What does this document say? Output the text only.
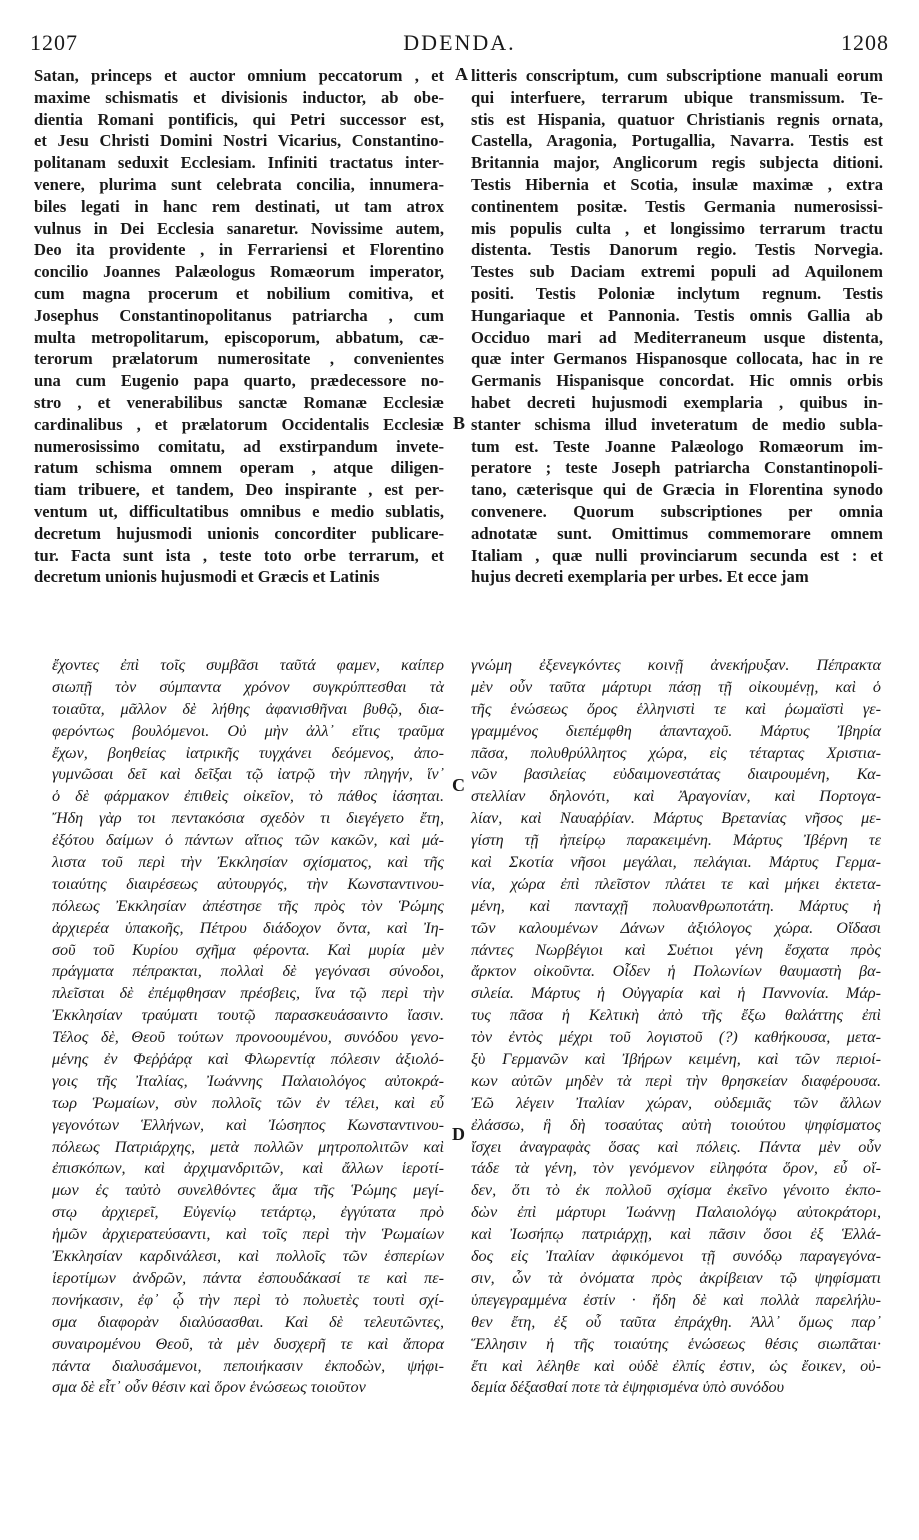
1207	DDENDA.	1208
A
B
C
D

Satan, princeps et auctor omnium peccatorum , et

maxime schismatis et divisionis inductor, ab obe-

dientia Romani pontificis, qui Petri successor est,

et Jesu Christi Domini Nostri Vicarius, Constantino-

politanam seduxit Ecclesiam. Infiniti tractatus inter-

venere, plurima sunt celebrata concilia, innumera-

biles legati in hanc rem destinati, ut tam atrox

vulnus in Dei Ecclesia sanaretur. Novissime autem,

Deo ita providente , in Ferrariensi et Florentino

concilio Joannes Palæologus Romæorum imperator,

cum magna procerum et nobilium comitiva, et

Josephus Constantinopolitanus patriarcha , cum

multa metropolitarum, episcoporum, abbatum, cæ-

terorum prælatorum numerositate , convenientes

una cum Eugenio papa quarto, prædecessore no-

stro , et venerabilibus sanctæ Romanæ Ecclesiæ

cardinalibus , et prælatorum Occidentalis Ecclesiæ

numerosissimo comitatu, ad exstirpandum invete-

ratum schisma omnem operam , atque diligen-

tiam tribuere, et tandem, Deo inspirante , est per-

ventum ut, difficultatibus omnibus e medio sublatis,

decretum hujusmodi unionis concorditer publicare-

tur. Facta sunt ista , teste toto orbe terrarum, et

decretum unionis hujusmodi et Græcis et Latinis

litteris conscriptum, cum subscriptione manuali eorum

qui interfuere, terrarum ubique transmissum. Te-

stis est Hispania, quatuor Christianis regnis ornata,

Castella, Aragonia, Portugallia, Navarra. Testis est

Britannia major, Anglicorum regis subjecta ditioni.

Testis Hibernia et Scotia, insulæ maximæ , extra

continentem positæ. Testis Germania numerosissi-

mis populis culta , et longissimo terrarum tractu

distenta. Testis Danorum regio. Testis Norvegia.

Testes sub Daciam extremi populi ad Aquilonem

positi. Testis Poloniæ inclytum regnum. Testis

Hungariaque et Pannonia. Testis omnis Gallia ab

Occiduo mari ad Mediterraneum usque distenta,

quæ inter Germanos Hispanosque collocata, hac in re

Germanis Hispanisque concordat. Hic omnis orbis

habet decreti hujusmodi exemplaria , quibus in-

stanter schisma illud inveteratum de medio subla-

tum est. Teste Joanne Palæologo Romæorum im-

peratore ; teste Joseph patriarcha Constantinopoli-

tano, cæterisque qui de Græcia in Florentina synodo

convenere. Quorum subscriptiones per omnia

adnotatæ sunt. Omittimus commemorare omnem

Italiam , quæ nulli provinciarum secunda est : et

hujus decreti exemplaria per urbes. Et ecce jam

ἔχοντες ἐπὶ τοῖς συμβᾶσι ταῦτά φαμεν, καίπερ

σιωπῇ τὸν σύμπαντα χρόνον συγκρύπτεσθαι τὰ

τοιαῦτα, μᾶλλον δὲ λήθης ἀφανισθῆναι βυθῷ, δια-

φερόντως βουλόμενοι. Οὐ μὴν ἀλλ᾽ εἴτις τραῦμα

ἔχων, βοηθείας ἰατρικῆς τυγχάνει δεόμενος, ἀπο-

γυμνῶσαι δεῖ καὶ δεῖξαι τῷ ἰατρῷ τὴν πληγήν, ἵν᾽

ὁ δὲ φάρμακον ἐπιθεὶς οἰκεῖον, τὸ πάθος ἰάσηται.

Ἤδη γὰρ τοι πεντακόσια σχεδὸν τι διεγέγετο ἔτη,

ἐξότου δαίμων ὁ πάντων αἴτιος τῶν κακῶν, καὶ μά-

λιστα τοῦ περὶ τὴν Ἐκκλησίαν σχίσματος, καὶ τῆς

τοιαύτης διαιρέσεως αὐτουργός, τὴν Κωνσταντινου-

πόλεως Ἐκκλησίαν ἀπέστησε τῆς πρὸς τὸν Ῥώμης

ἀρχιερέα ὑπακοῆς, Πέτρου διάδοχον ὄντα, καὶ Ἰη-

σοῦ τοῦ Κυρίου σχῆμα φέροντα. Καὶ μυρία μὲν

πράγματα πέπρακται, πολλαὶ δὲ γεγόνασι σύνοδοι,

πλεῖσται δὲ ἐπέμφθησαν πρέσβεις, ἵνα τῷ περὶ τὴν

Ἐκκλησίαν τραύματι τουτῷ παρασκευάσαιντο ἴασιν.

Τέλος δὲ, Θεοῦ τούτων προνοουμένου, συνόδου γενο-

μένης ἐν Φεῤῥάρᾳ καὶ Φλωρεντίᾳ πόλεσιν ἀξιολό-

γοις τῆς Ἰταλίας, Ἰωάννης Παλαιολόγος αὐτοκρά-

τωρ Ῥωμαίων, σὺν πολλοῖς τῶν ἐν τέλει, καὶ εὖ

γεγονότων Ἑλλήνων, καὶ Ἰώσηπος Κωνσταντινου-

πόλεως Πατριάρχης, μετὰ πολλῶν μητροπολιτῶν καὶ

ἐπισκόπων, καὶ ἀρχιμανδριτῶν, καὶ ἄλλων ἱεροτί-

μων ἐς ταὐτὸ συνελθόντες ἅμα τῆς Ῥώμης μεγί-

στῳ ἀρχιερεῖ, Εὐγενίῳ τετάρτῳ, ἐγγύτατα πρὸ

ἡμῶν ἀρχιερατεύσαντι, καὶ τοῖς περὶ τὴν Ῥωμαίων

Ἐκκλησίαν καρδινάλεσι, καὶ πολλοῖς τῶν ἑσπερίων

ἱεροτίμων ἀνδρῶν, πάντα ἐσπουδάκασί τε καὶ πε-

πονήκασιν, ἐφ᾽ ᾧ τὴν περὶ τὸ πολυετὲς τουτὶ σχί-

σμα διαφορὰν διαλύσασθαι. Καὶ δὲ τελευτῶντες,

συναιρομένου Θεοῦ, τὰ μὲν δυσχερῆ τε καὶ ἄπορα

πάντα διαλυσάμενοι, πεποιήκασιν ἐκποδὼν, ψήφι-

σμα δὲ εἶτ᾽ οὖν θέσιν καὶ ὅρον ἑνώσεως τοιοῦτον

γνώμη ἐξενεγκόντες κοινῇ ἀνεκήρυξαν. Πέπρακτα

μὲν οὖν ταῦτα μάρτυρι πάσῃ τῇ οἰκουμένῃ, καὶ ὁ

τῆς ἑνώσεως ὅρος ἑλληνιστὶ τε καὶ ῥωμαϊστὶ γε-

γραμμένος διεπέμφθη ἁπανταχοῦ. Μάρτυς Ἰβηρία

πᾶσα, πολυθρύλλητος χώρα, εἰς τέταρτας Χριστια-

νῶν βασιλείας εὐδαιμονεστάτας διαιρουμένη, Κα-

στελλίαν δηλονότι, καὶ Ἀραγονίαν, καὶ Πορτογα-

λίαν, καὶ Ναυαῤῥίαν. Μάρτυς Βρετανίας νῆσος με-

γίστη τῇ ἠπείρῳ παρακειμένη. Μάρτυς Ἰβέρνη τε

καὶ Σκοτία νῆσοι μεγάλαι, πελάγιαι. Μάρτυς Γερμα-

νία, χώρα ἐπὶ πλεῖστον πλάτει τε καὶ μήκει ἐκτετα-

μένη, καὶ πανταχῇ πολυανθρωποτάτη. Μάρτυς ἡ

τῶν καλουμένων Δάνων ἀξιόλογος χώρα. Οἴδασι

πάντες Νωρβέγιοι καὶ Συέτιοι γένη ἔσχατα πρὸς

ἄρκτον οἰκοῦντα. Οἶδεν ἡ Πολωνίων θαυμαστὴ βα-

σιλεία. Μάρτυς ἡ Οὐγγαρία καὶ ἡ Παννονία. Μάρ-

τυς πᾶσα ἡ Κελτικὴ ἀπὸ τῆς ἔξω θαλάττης ἐπὶ

τὸν ἐντὸς μέχρι τοῦ λογιστοῦ (?) καθήκουσα, μετα-

ξὺ Γερμανῶν καὶ Ἰβήρων κειμένη, καὶ τῶν περιοί-

κων αὐτῶν μηδὲν τὰ περὶ τὴν θρησκείαν διαφέρουσα.

Ἐῶ λέγειν Ἰταλίαν χώραν, οὐδεμιᾶς τῶν ἄλλων

ἐλάσσω, ἣ δὴ τοσαύτας αὐτὴ τοιούτου ψηφίσματος

ἴσχει ἀναγραφὰς ὅσας καὶ πόλεις. Πάντα μὲν οὖν

τάδε τὰ γένη, τὸν γενόμενον εἰληφότα ὅρον, εὖ οἴ-

δεν, ὅτι τὸ ἐκ πολλοῦ σχίσμα ἐκεῖνο γένοιτο ἐκπο-

δὼν ἐπὶ μάρτυρι Ἰωάννῃ Παλαιολόγῳ αὐτοκράτορι,

καὶ Ἰωσήπῳ πατριάρχῃ, καὶ πᾶσιν ὅσοι ἐξ Ἑλλά-

δος εἰς Ἰταλίαν ἀφικόμενοι τῇ συνόδῳ παραγεγόνα-

σιν, ὧν τὰ ὀνόματα πρὸς ἀκρίβειαν τῷ ψηφίσματι

ὑπεγεγραμμένα ἐστίν · ἤδη δὲ καὶ πολλὰ παρελήλυ-

θεν ἔτη, ἐξ οὗ ταῦτα ἐπράχθη. Ἀλλ᾽ ὅμως παρ᾽

Ἕλλησιν ἡ τῆς τοιαύτης ἑνώσεως θέσις σιωπᾶται·

ἔτι καὶ λέληθε καὶ οὐδὲ ἐλπίς ἐστιν, ὡς ἔοικεν, οὐ-

δεμία δέξασθαί ποτε τὰ ἐψηφισμένα ὑπὸ συνόδου
